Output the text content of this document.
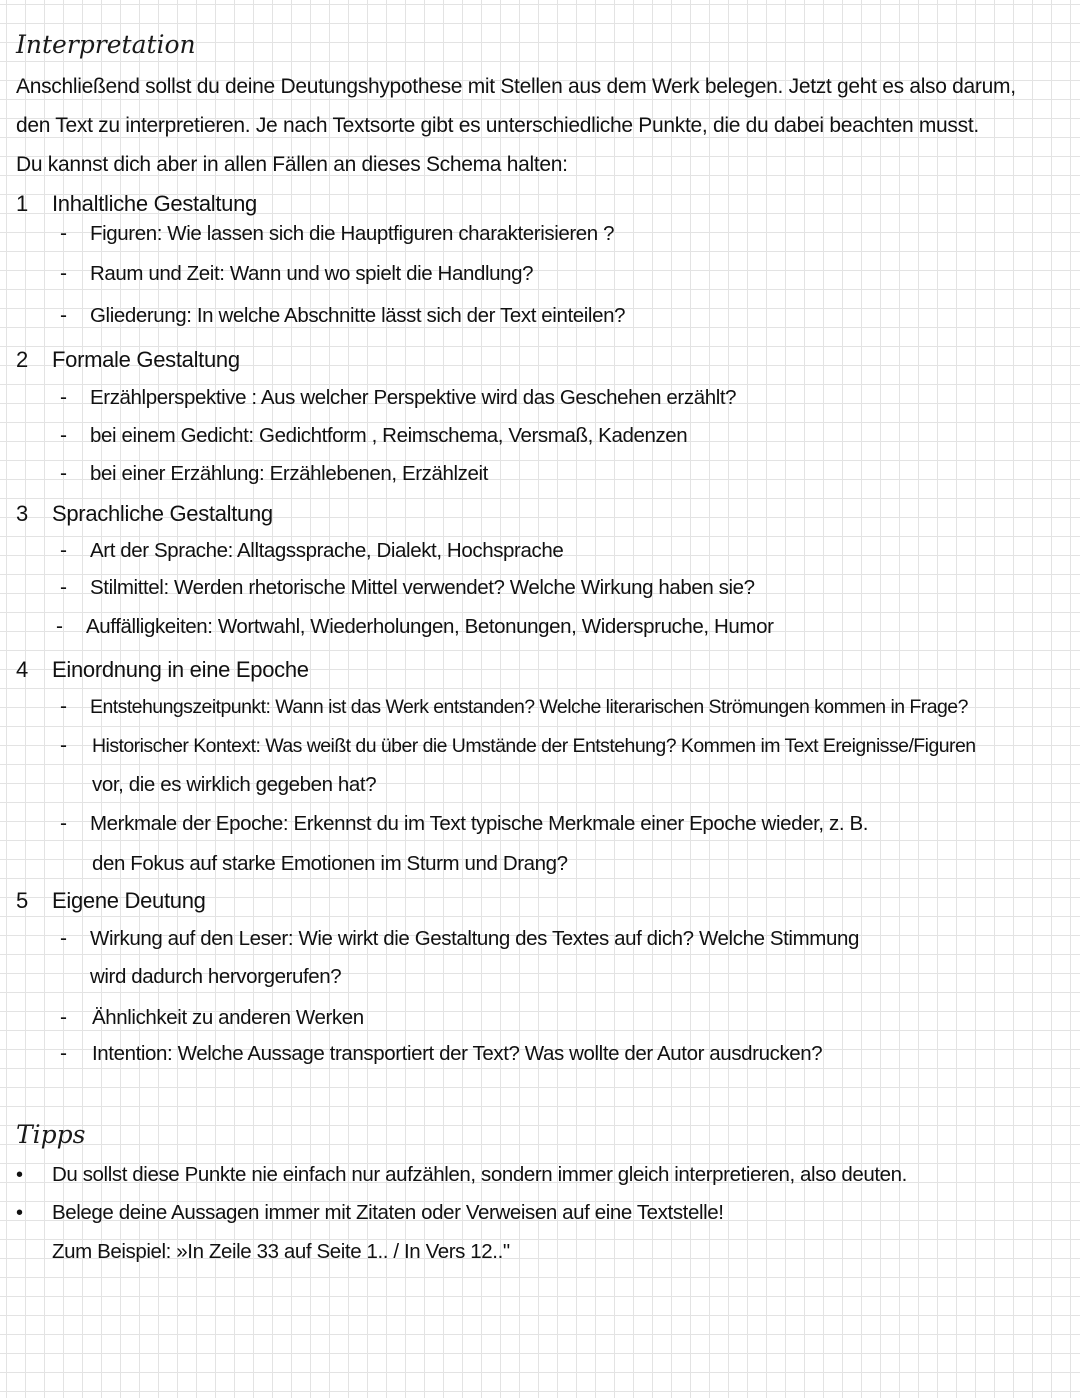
Interpretation
Anschließend sollst du deine Deutungshypothese mit Stellen aus dem Werk belegen. Jetzt geht es also darum,
den Text zu interpretieren. Je nach Textsorte gibt es unterschiedliche Punkte, die du dabei beachten musst.
Du kannst dich aber in allen Fällen an dieses Schema halten:
1 Inhaltliche Gestaltung
- Figuren: Wie lassen sich die Hauptfiguren charakterisieren ?
- Raum und Zeit: Wann und wo spielt die Handlung?
- Gliederung: In welche Abschnitte lässt sich der Text einteilen?
2 Formale Gestaltung
- Erzählperspektive : Aus welcher Perspektive wird das Geschehen erzählt?
- bei einem Gedicht: Gedichtform , Reimschema, Versmaß, Kadenzen
- bei einer Erzählung: Erzählebenen, Erzählzeit
3 Sprachliche Gestaltung
- Art der Sprache: Alltagssprache, Dialekt, Hochsprache
- Stilmittel: Werden rhetorische Mittel verwendet? Welche Wirkung haben sie?
- Auffälligkeiten: Wortwahl, Wiederholungen, Betonungen, Widerspruche, Humor
4 Einordnung in eine Epoche
- Entstehungszeitpunkt: Wann ist das Werk entstanden? Welche literarischen Strömungen kommen in Frage?
- Historischer Kontext: Was weißt du über die Umstände der Entstehung? Kommen im Text Ereignisse/Figuren
vor, die es wirklich gegeben hat?
- Merkmale der Epoche: Erkennst du im Text typische Merkmale einer Epoche wieder, z. B.
den Fokus auf starke Emotionen im Sturm und Drang?
5 Eigene Deutung
- Wirkung auf den Leser: Wie wirkt die Gestaltung des Textes auf dich? Welche Stimmung
wird dadurch hervorgerufen?
- Ähnlichkeit zu anderen Werken
- Intention: Welche Aussage transportiert der Text? Was wollte der Autor ausdrucken?
Tipps
• Du sollst diese Punkte nie einfach nur aufzählen, sondern immer gleich interpretieren, also deuten.
• Belege deine Aussagen immer mit Zitaten oder Verweisen auf eine Textstelle!
Zum Beispiel: »In Zeile 33 auf Seite 1.. / In Vers 12.."
